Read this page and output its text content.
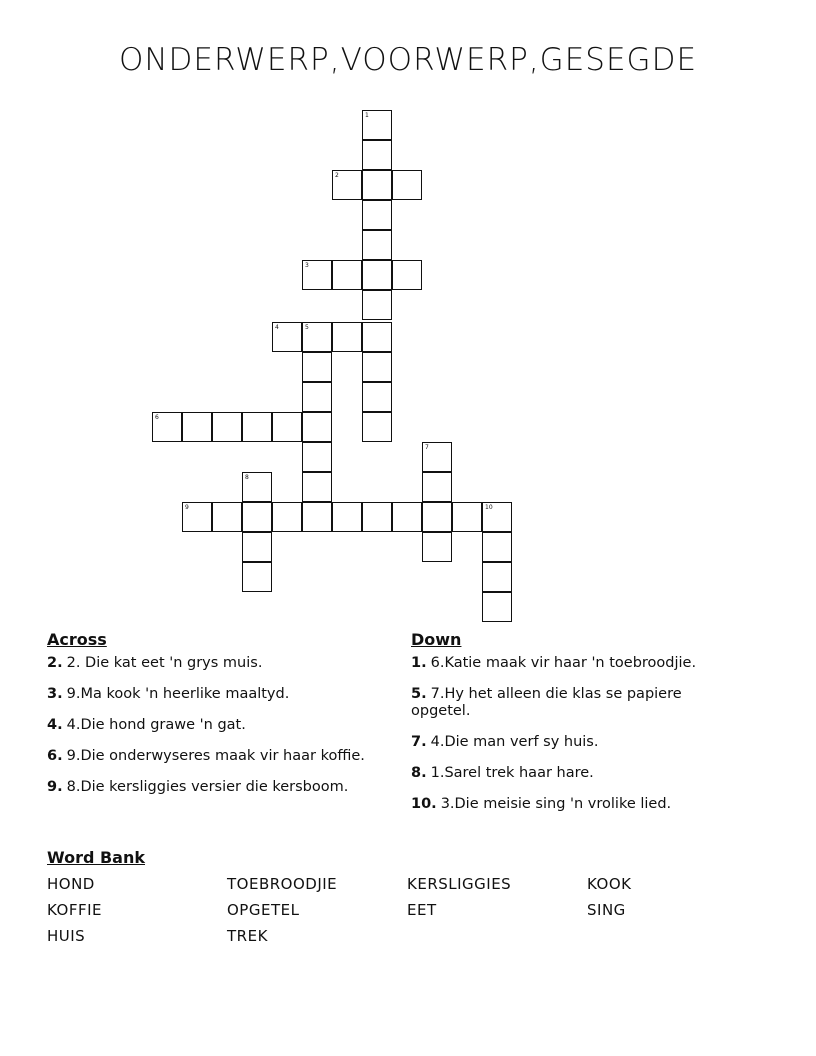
ONDERWERP,VOORWERP,GESEGDE
1
2
3
4	5
6
7
8
9	10
Across
2. 2. Die kat eet 'n grys muis.
3. 9.Ma kook 'n heerlike maaltyd.
4. 4.Die hond grawe 'n gat.
6. 9.Die onderwyseres maak vir haar koffie.
9. 8.Die kersliggies versier die kersboom.
Down
1. 6.Katie maak vir haar 'n toebroodjie.
5. 7.Hy het alleen die klas se papiere opgetel.
7. 4.Die man verf sy huis.
8. 1.Sarel trek haar hare.
10. 3.Die meisie sing 'n vrolike lied.
Word Bank
HOND	TOEBROODJIE	KERSLIGGIES	KOOK
KOFFIE	OPGETEL	EET	SING
HUIS	TREK
